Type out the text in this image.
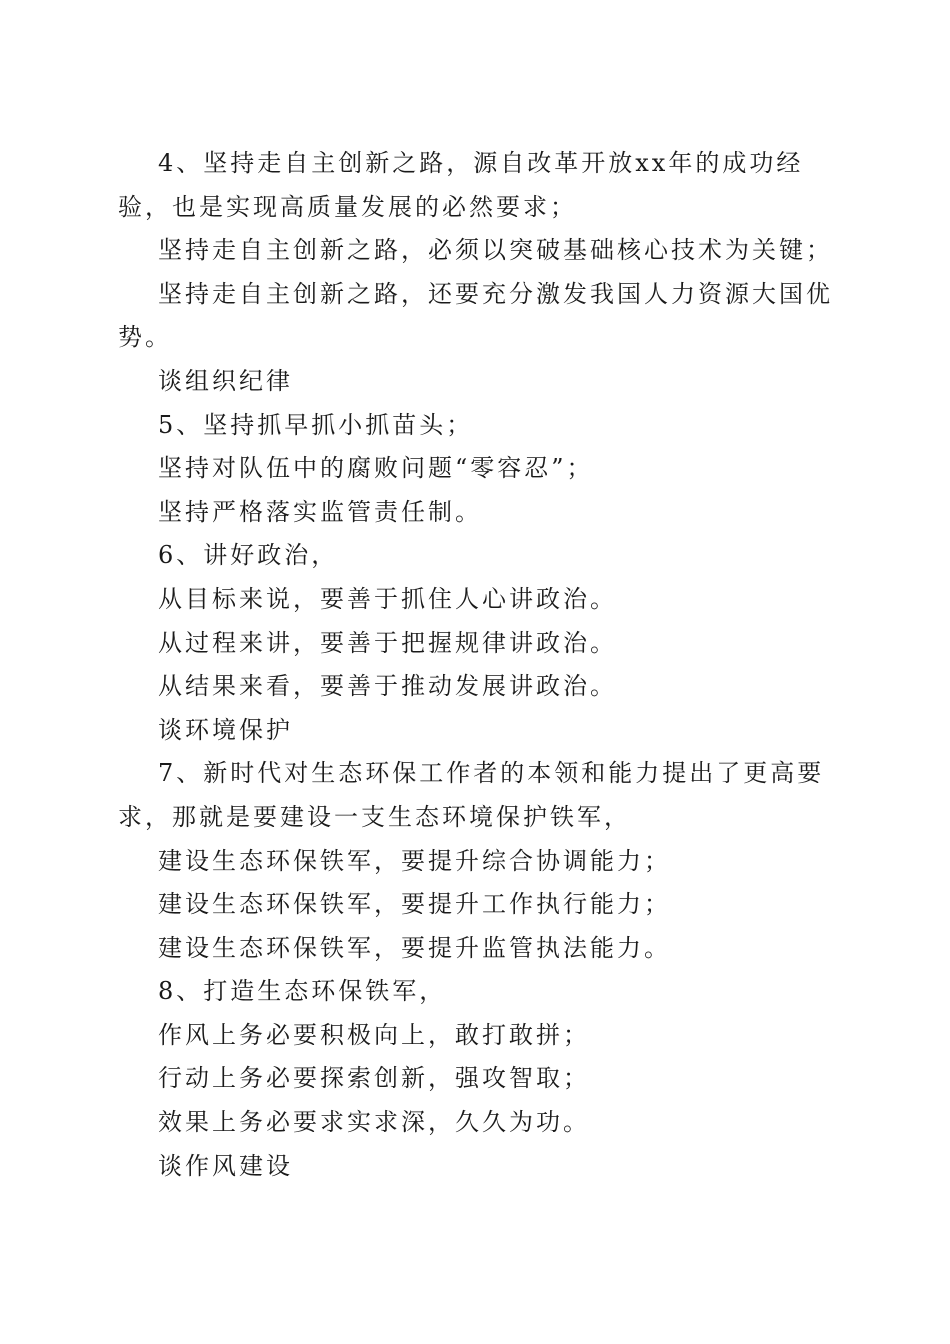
4、坚持走自主创新之路，源自改革开放xx年的成功经验，也是实现高质量发展的必然要求；

坚持走自主创新之路，必须以突破基础核心技术为关键；

坚持走自主创新之路，还要充分激发我国人力资源大国优势。

谈组织纪律

5、坚持抓早抓小抓苗头；

坚持对队伍中的腐败问题“零容忍”；

坚持严格落实监管责任制。

6、讲好政治，

从目标来说，要善于抓住人心讲政治。

从过程来讲，要善于把握规律讲政治。

从结果来看，要善于推动发展讲政治。

谈环境保护

7、新时代对生态环保工作者的本领和能力提出了更高要求，那就是要建设一支生态环境保护铁军，

建设生态环保铁军，要提升综合协调能力；

建设生态环保铁军，要提升工作执行能力；

建设生态环保铁军，要提升监管执法能力。

8、打造生态环保铁军，

作风上务必要积极向上，敢打敢拼；

行动上务必要探索创新，强攻智取；

效果上务必要求实求深，久久为功。

谈作风建设
